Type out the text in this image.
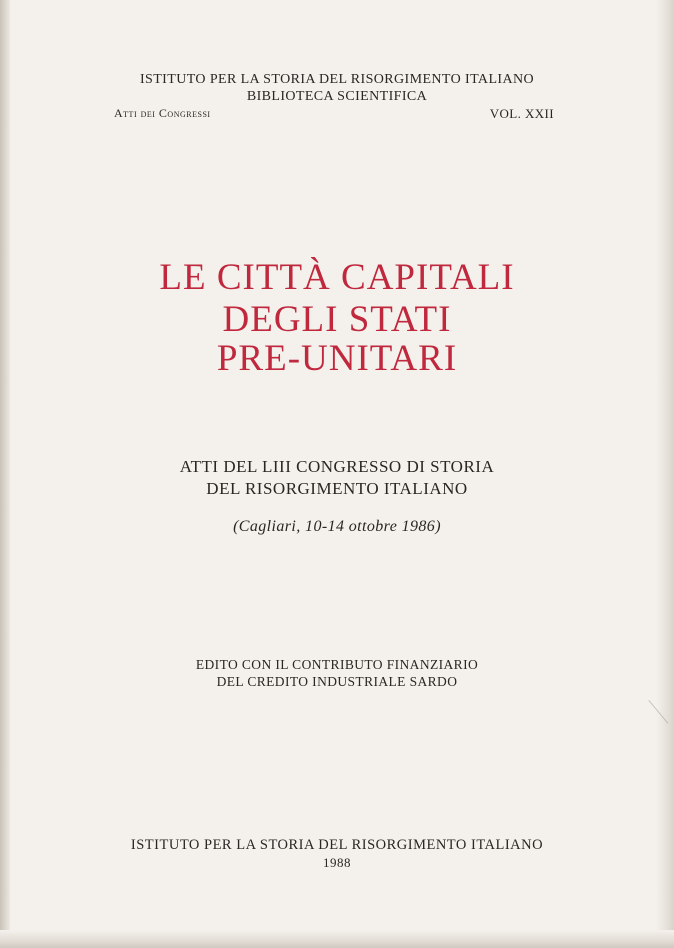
ISTITUTO PER LA STORIA DEL RISORGIMENTO ITALIANO
BIBLIOTECA SCIENTIFICA
Atti dei Congressi	VOL. XXII
LE CITTÀ CAPITALI
DEGLI STATI
PRE-UNITARI
ATTI DEL LIII CONGRESSO DI STORIA
DEL RISORGIMENTO ITALIANO
(Cagliari, 10-14 ottobre 1986)
EDITO CON IL CONTRIBUTO FINANZIARIO
DEL CREDITO INDUSTRIALE SARDO
ISTITUTO PER LA STORIA DEL RISORGIMENTO ITALIANO
1988
